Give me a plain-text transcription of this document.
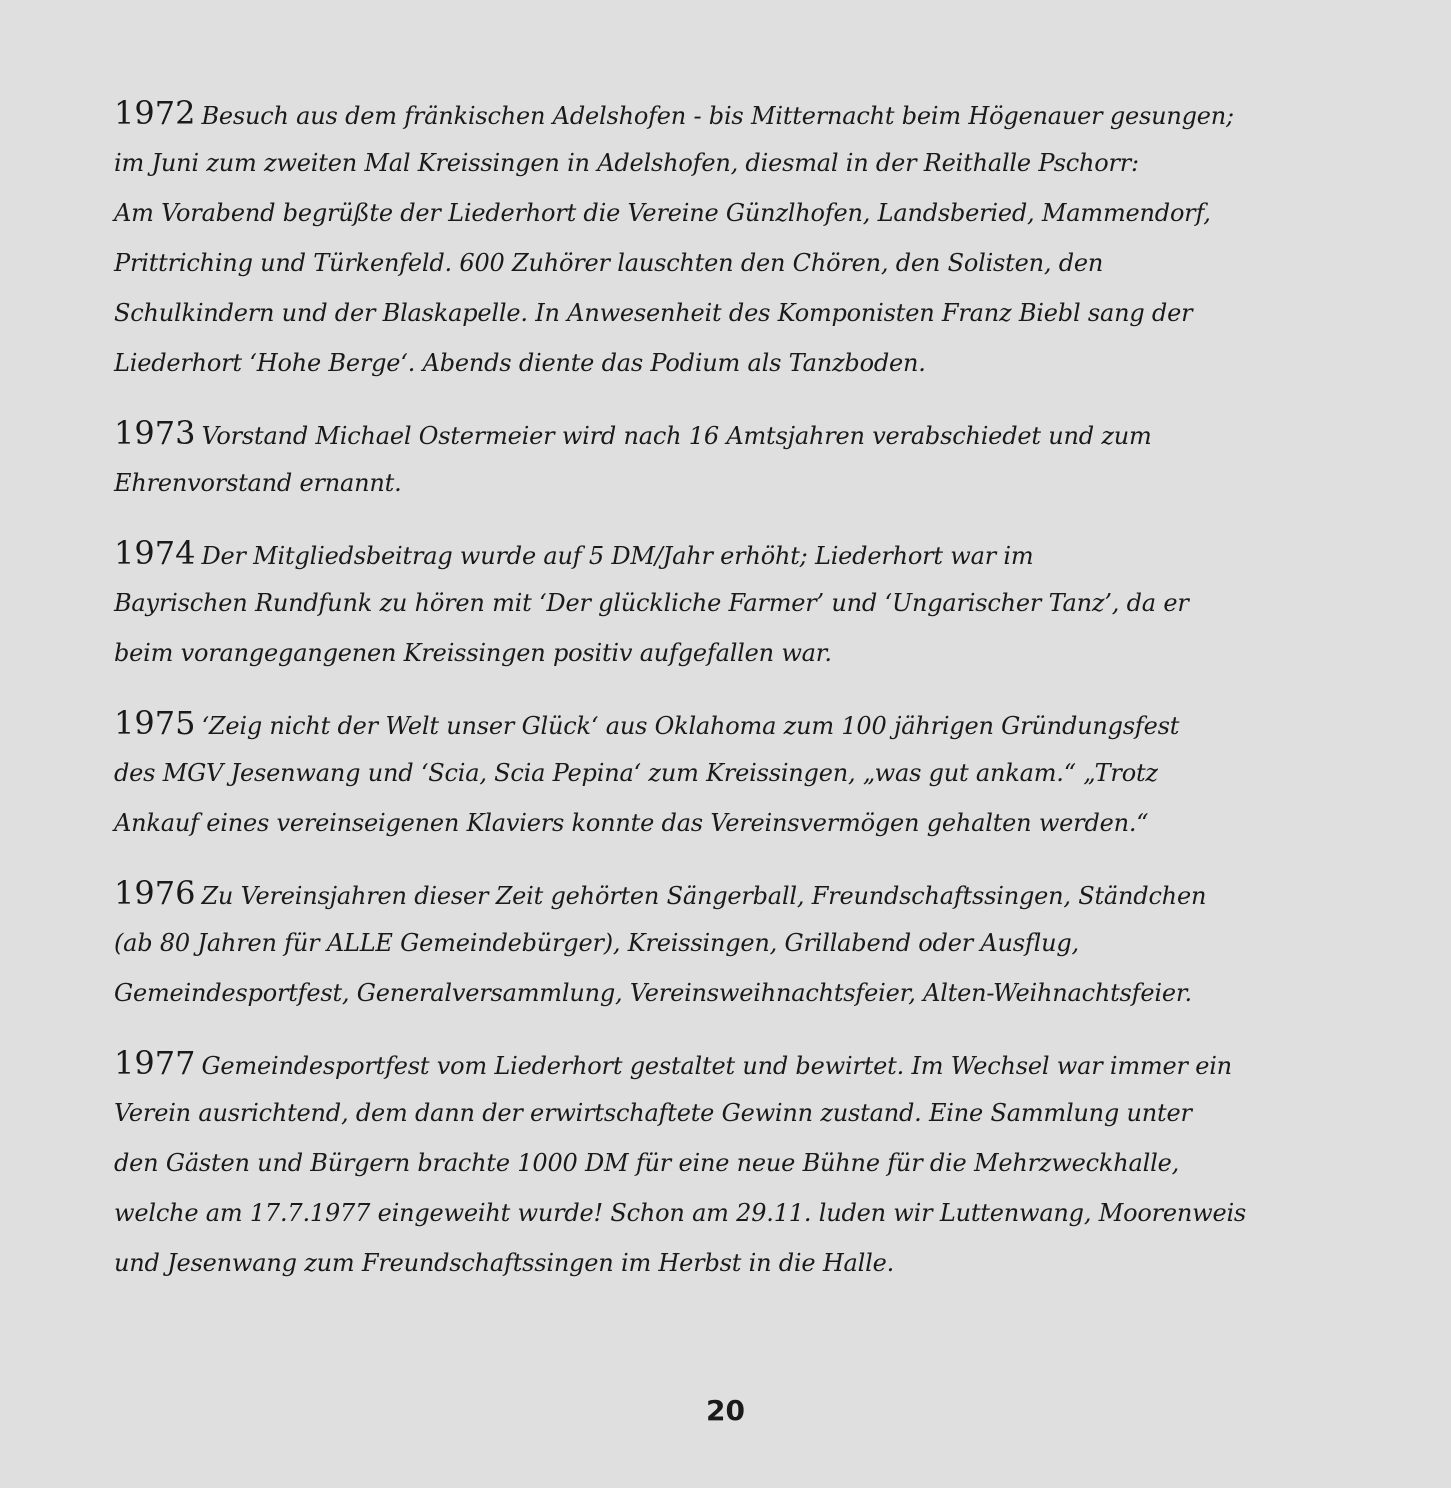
1972 Besuch aus dem fränkischen Adelshofen - bis Mitternacht beim Högenauer gesungen;
im Juni zum zweiten Mal Kreissingen in Adelshofen, diesmal in der Reithalle Pschorr:
Am Vorabend begrüßte der Liederhort die Vereine Günzlhofen, Landsberied, Mammendorf,
Prittriching und Türkenfeld. 600 Zuhörer lauschten den Chören, den Solisten, den
Schulkindern und der Blaskapelle. In Anwesenheit des Komponisten Franz Biebl sang der
Liederhort ‘Hohe Berge‘. Abends diente das Podium als Tanzboden.
1973 Vorstand Michael Ostermeier wird nach 16 Amtsjahren verabschiedet und zum
Ehrenvorstand ernannt.
1974 Der Mitgliedsbeitrag wurde auf 5 DM/Jahr erhöht; Liederhort war im
Bayrischen Rundfunk zu hören mit ‘Der glückliche Farmer’ und ‘Ungarischer Tanz’, da er
beim vorangegangenen Kreissingen positiv aufgefallen war.
1975 ‘Zeig nicht der Welt unser Glück‘ aus Oklahoma zum 100 jährigen Gründungsfest
des MGV Jesenwang und ‘Scia, Scia Pepina‘ zum Kreissingen, „was gut ankam.“ „Trotz
Ankauf eines vereinseigenen Klaviers konnte das Vereinsvermögen gehalten werden.“
1976 Zu Vereinsjahren dieser Zeit gehörten Sängerball, Freundschaftssingen, Ständchen
(ab 80 Jahren für ALLE Gemeindebürger), Kreissingen, Grillabend oder Ausflug,
Gemeindesportfest, Generalversammlung, Vereinsweihnachtsfeier, Alten-Weihnachtsfeier.
1977 Gemeindesportfest vom Liederhort gestaltet und bewirtet. Im Wechsel war immer ein
Verein ausrichtend, dem dann der erwirtschaftete Gewinn zustand. Eine Sammlung unter
den Gästen und Bürgern brachte 1000 DM für eine neue Bühne für die Mehrzweckhalle,
welche am 17.7.1977 eingeweiht wurde! Schon am 29.11. luden wir Luttenwang, Moorenweis
und Jesenwang zum Freundschaftssingen im Herbst in die Halle.
20
